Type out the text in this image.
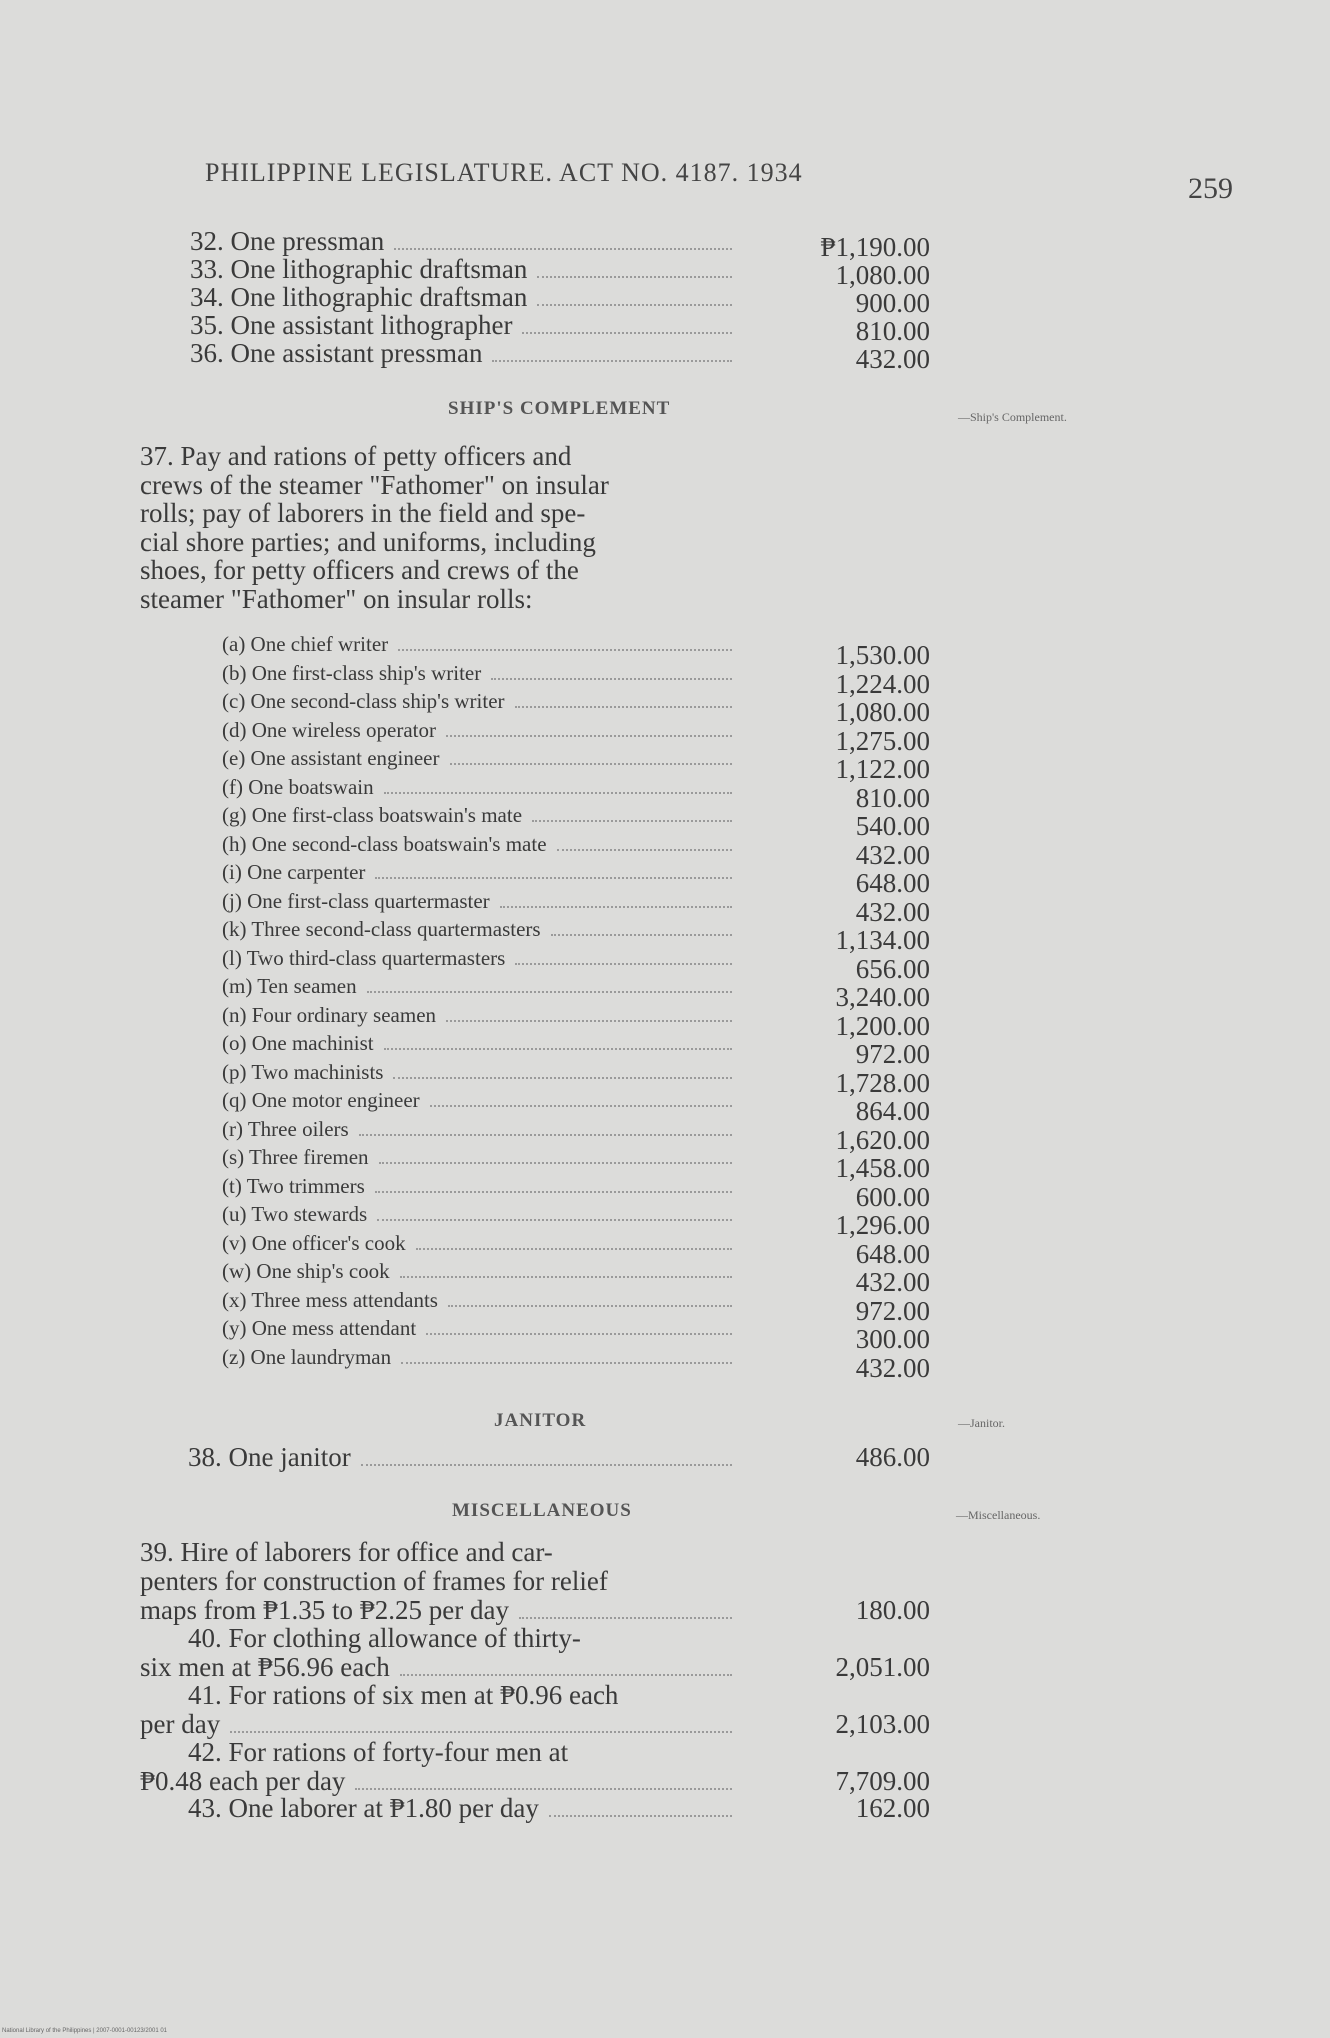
PHILIPPINE LEGISLATURE. ACT NO. 4187. 1934	259
32. One pressman	₱1,190.00
33. One lithographic draftsman	1,080.00
34. One lithographic draftsman	900.00
35. One assistant lithographer	810.00
36. One assistant pressman	432.00
SHIP'S COMPLEMENT	—Ship's Complement.
37. Pay and rations of petty officers and
crews of the steamer "Fathomer" on insular
rolls; pay of laborers in the field and spe-
cial shore parties; and uniforms, including
shoes, for petty officers and crews of the
steamer "Fathomer" on insular rolls:
(a) One chief writer	1,530.00
(b) One first-class ship's writer	1,224.00
(c) One second-class ship's writer	1,080.00
(d) One wireless operator	1,275.00
(e) One assistant engineer	1,122.00
(f) One boatswain	810.00
(g) One first-class boatswain's mate	540.00
(h) One second-class boatswain's mate	432.00
(i) One carpenter	648.00
(j) One first-class quartermaster	432.00
(k) Three second-class quartermasters	1,134.00
(l) Two third-class quartermasters	656.00
(m) Ten seamen	3,240.00
(n) Four ordinary seamen	1,200.00
(o) One machinist	972.00
(p) Two machinists	1,728.00
(q) One motor engineer	864.00
(r) Three oilers	1,620.00
(s) Three firemen	1,458.00
(t) Two trimmers	600.00
(u) Two stewards	1,296.00
(v) One officer's cook	648.00
(w) One ship's cook	432.00
(x) Three mess attendants	972.00
(y) One mess attendant	300.00
(z) One laundryman	432.00
JANITOR	—Janitor.
38. One janitor	486.00
MISCELLANEOUS	—Miscellaneous.
39. Hire of laborers for office and car-
penters for construction of frames for relief
maps from ₱1.35 to ₱2.25 per day	180.00
40. For clothing allowance of thirty-
six men at ₱56.96 each	2,051.00
41. For rations of six men at ₱0.96 each
per day	2,103.00
42. For rations of forty-four men at
₱0.48 each per day	7,709.00
43. One laborer at ₱1.80 per day	162.00
National Library of the Philippines | 2007-0001-00123/2001 01
